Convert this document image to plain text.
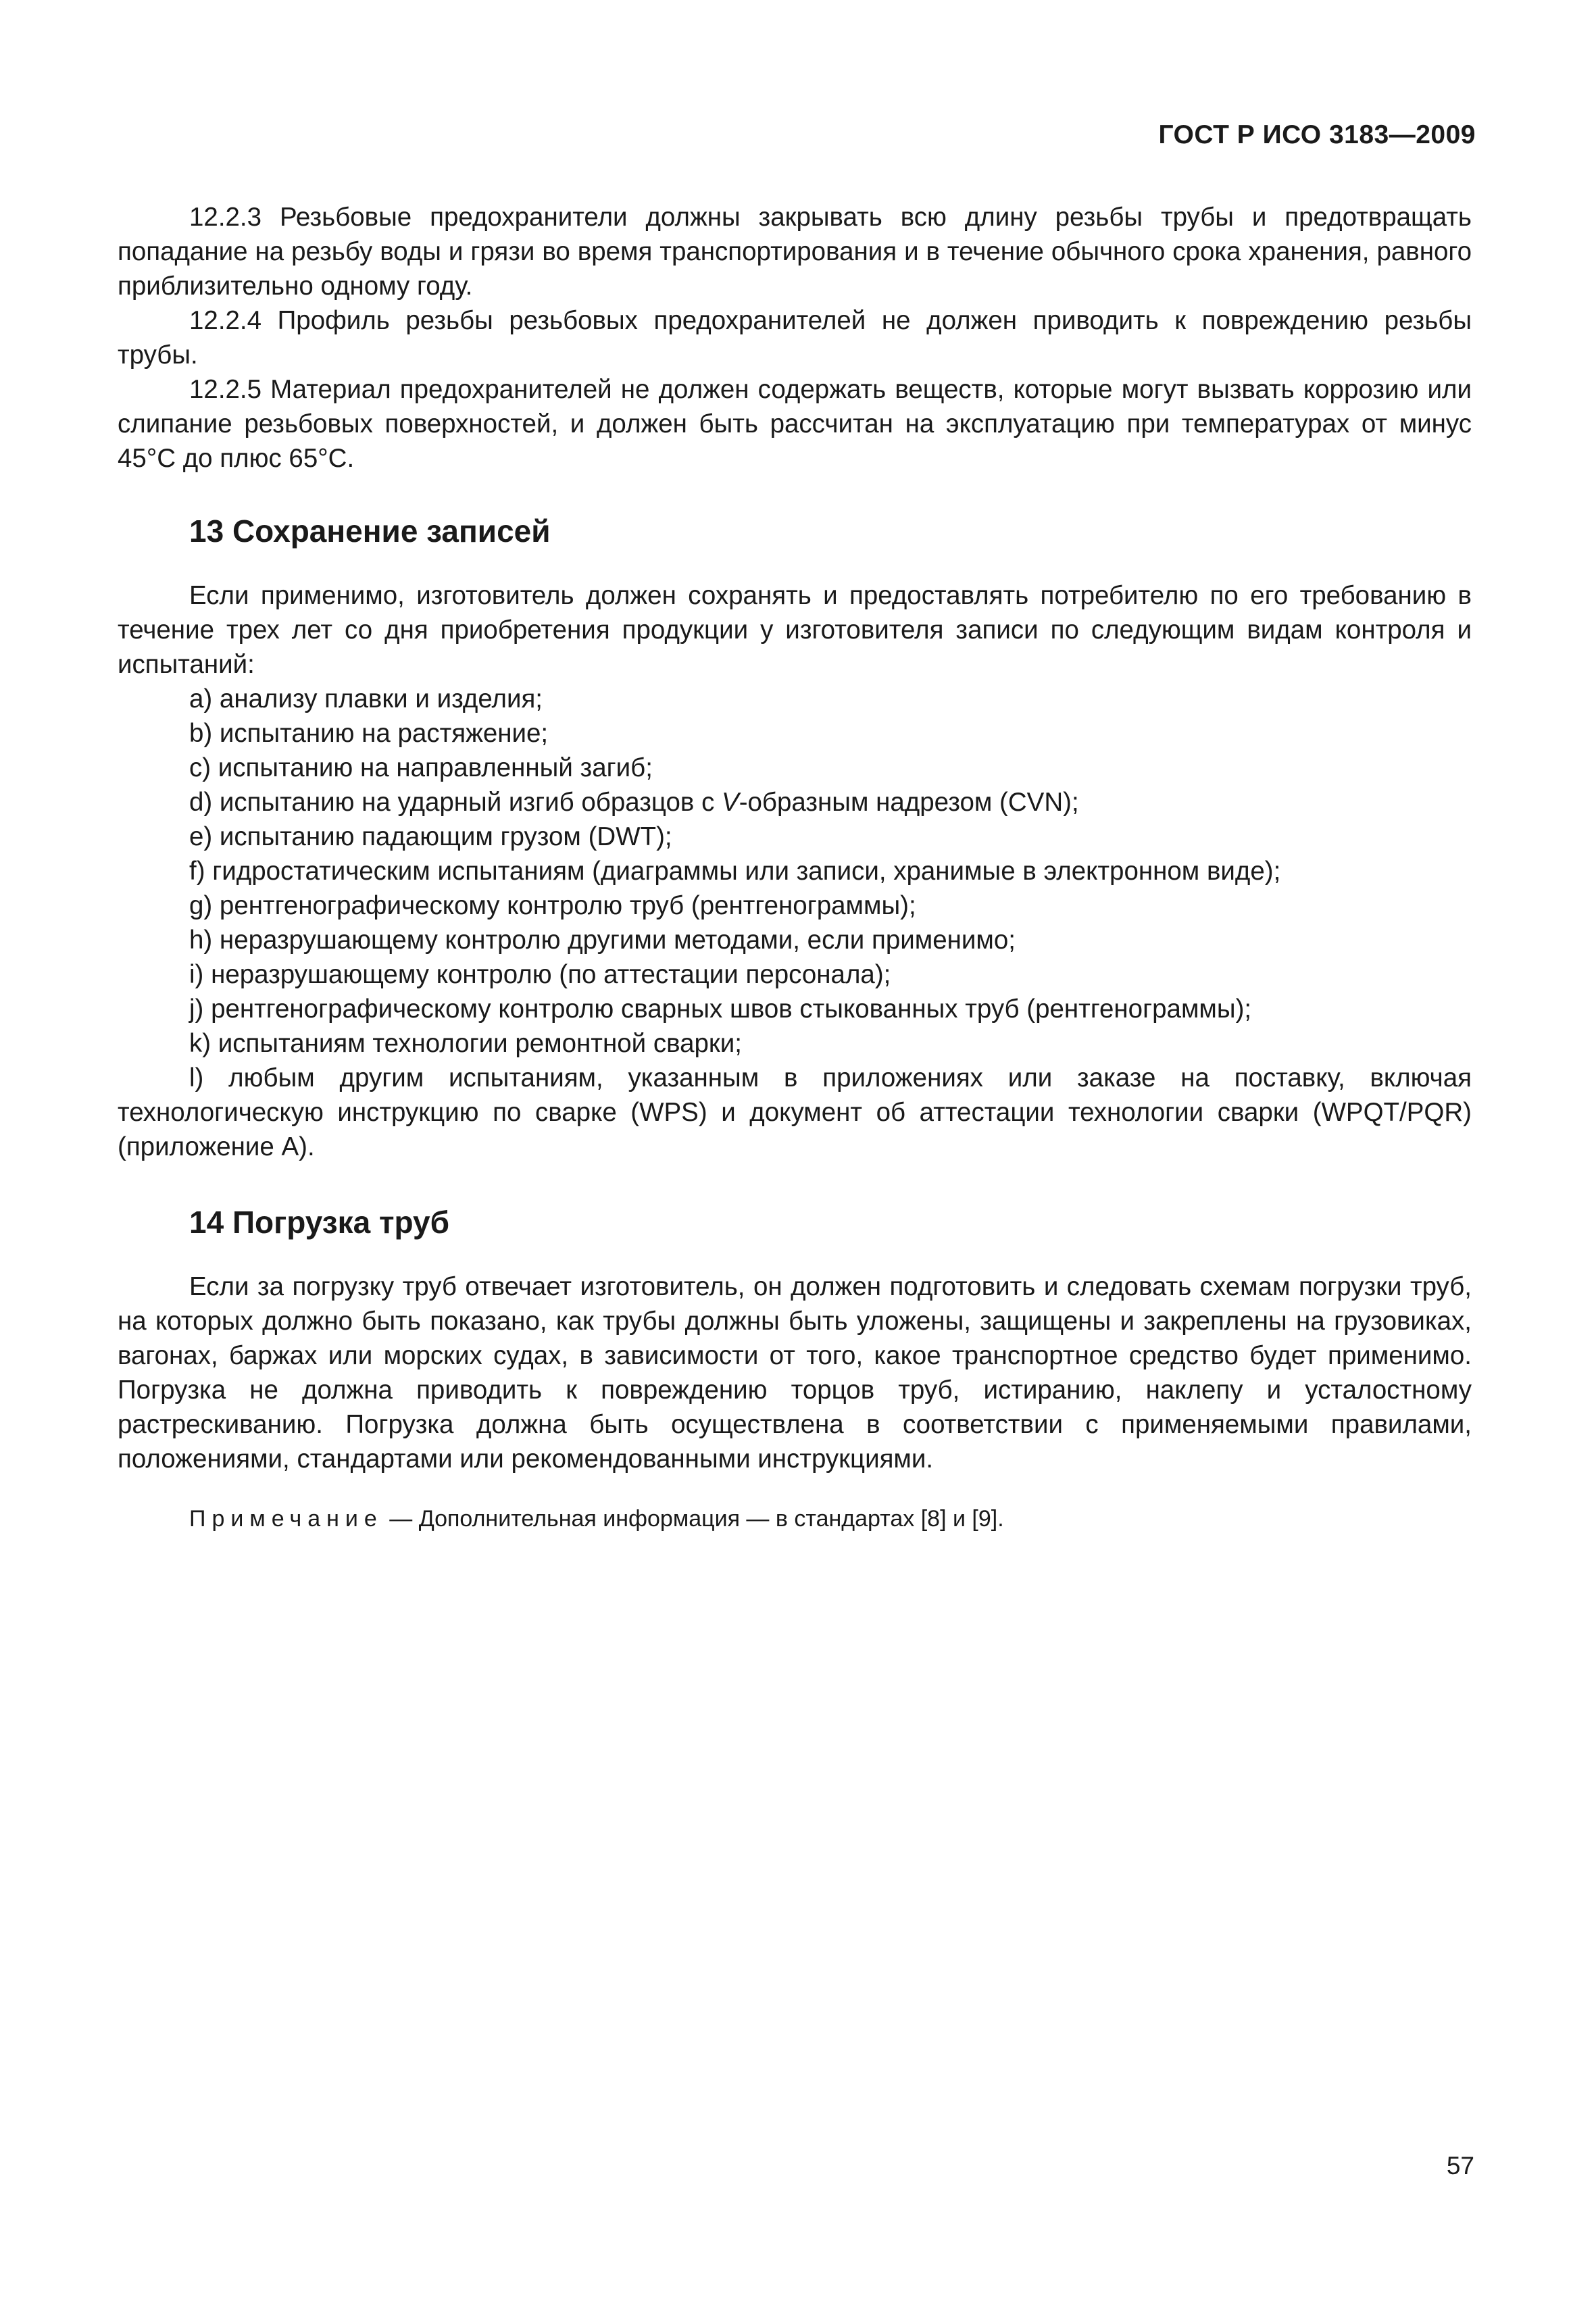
ГОСТ Р ИСО 3183—2009

12.2.3 Резьбовые предохранители должны закрывать всю длину резьбы трубы и предотвращать попадание на резьбу воды и грязи во время транспортирования и в течение обычного срока хранения, равного приблизительно одному году.

12.2.4 Профиль резьбы резьбовых предохранителей не должен приводить к повреждению резьбы трубы.

12.2.5 Материал предохранителей не должен содержать веществ, которые могут вызвать коррозию или слипание резьбовых поверхностей, и должен быть рассчитан на эксплуатацию при температурах от минус 45°С до плюс 65°С.

13 Сохранение записей

Если применимо, изготовитель должен сохранять и предоставлять потребителю по его требованию в течение трех лет со дня приобретения продукции у изготовителя записи по следующим видам контроля и испытаний:

a) анализу плавки и изделия;

b) испытанию на растяжение;

c) испытанию на направленный загиб;

d) испытанию на ударный изгиб образцов с V-образным надрезом (CVN);

e) испытанию падающим грузом (DWT);

f) гидростатическим испытаниям (диаграммы или записи, хранимые в электронном виде);

g) рентгенографическому контролю труб (рентгенограммы);

h) неразрушающему контролю другими методами, если применимо;

i) неразрушающему контролю (по аттестации персонала);

j) рентгенографическому контролю сварных швов стыкованных труб (рентгенограммы);

k) испытаниям технологии ремонтной сварки;

l) любым другим испытаниям, указанным в приложениях или заказе на поставку, включая технологическую инструкцию по сварке (WPS) и документ об аттестации технологии сварки (WPQT/PQR) (приложение А).

14 Погрузка труб

Если за погрузку труб отвечает изготовитель, он должен подготовить и следовать схемам погрузки труб, на которых должно быть показано, как трубы должны быть уложены, защищены и закреплены на грузовиках, вагонах, баржах или морских судах, в зависимости от того, какое транспортное средство будет применимо. Погрузка не должна приводить к повреждению торцов труб, истиранию, наклепу и усталостному растрескиванию. Погрузка должна быть осуществлена в соответствии с применяемыми правилами, положениями, стандартами или рекомендованными инструкциями.

Примечание — Дополнительная информация — в стандартах [8] и [9].

57
